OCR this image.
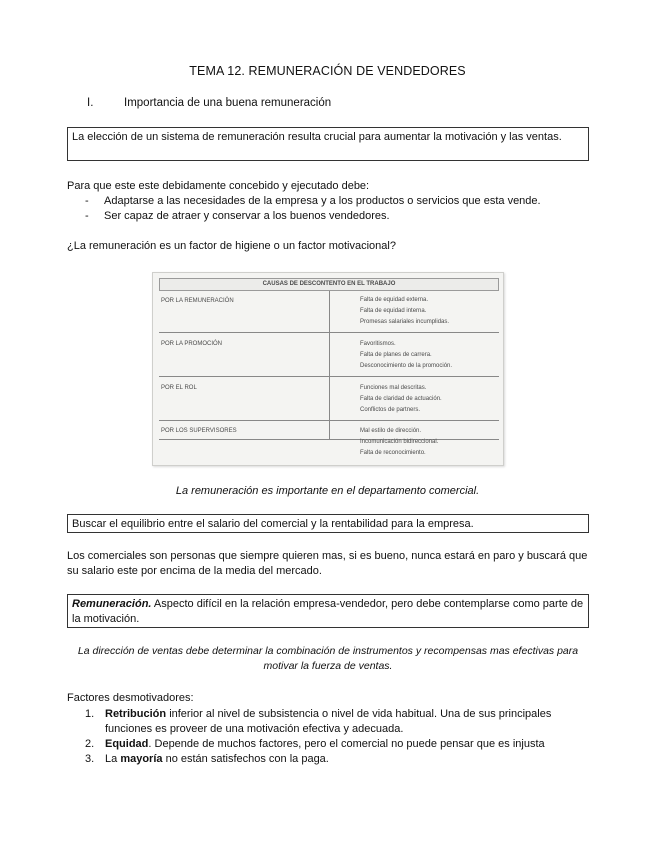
TEMA 12. REMUNERACIÓN DE VENDEDORES
I.	Importancia de una buena remuneración
La elección de un sistema de remuneración resulta crucial para aumentar la motivación y las ventas.
Para que este este debidamente concebido y ejecutado debe:
- Adaptarse a las necesidades de la empresa y a los productos o servicios que esta vende.
- Ser capaz de atraer y conservar a los buenos vendedores.
¿La remuneración es un factor de higiene o un factor motivacional?
CAUSAS DE DESCONTENTO EN EL TRABAJO
POR LA REMUNERACIÓN	Falta de equidad externa.
Falta de equidad interna.
Promesas salariales incumplidas.
POR LA PROMOCIÓN	Favoritismos.
Falta de planes de carrera.
Desconocimiento de la promoción.
POR EL ROL	Funciones mal descritas.
Falta de claridad de actuación.
Conflictos de partners.
POR LOS SUPERVISORES	Mal estilo de dirección.
Incomunicación bidireccional.
Falta de reconocimiento.
La remuneración es importante en el departamento comercial.
Buscar el equilibrio entre el salario del comercial y la rentabilidad para la empresa.
Los comerciales son personas que siempre quieren mas, si es bueno, nunca estará en paro y buscará que su salario este por encima de la media del mercado.
Remuneración. Aspecto difícil en la relación empresa-vendedor, pero debe contemplarse como parte de la motivación.
La dirección de ventas debe determinar la combinación de instrumentos y recompensas mas efectivas para motivar la fuerza de ventas.
Factores desmotivadores:
1. Retribución inferior al nivel de subsistencia o nivel de vida habitual. Una de sus principales funciones es proveer de una motivación efectiva y adecuada.
2. Equidad. Depende de muchos factores, pero el comercial no puede pensar que es injusta
3. La mayoría no están satisfechos con la paga.
